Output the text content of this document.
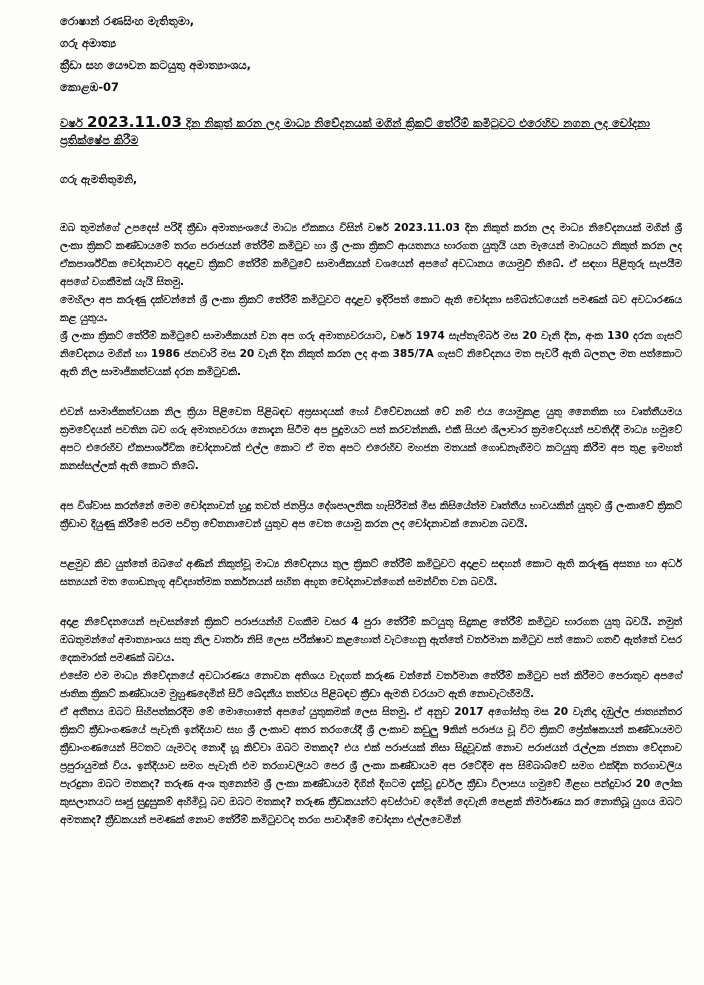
රොෂාන් රණසිංහ මැතිතුමා,
ගරු අමාත්‍ය
ක්‍රීඩා සහ යෞවන කටයුතු අමාත්‍යාංශය,
කොළඹ-07
වර්ෂ 2023.11.03 දින නිකුත් කරන ලද මාධ්‍ය නිවේදනයක් මගින් ක්‍රිකට් තේරීම් කමිටුවට එරෙහිව නගන ලද චෝදනා ප්‍රතික්ෂේප කිරීම
ගරු ඇමතිතුමනි,

ඔබ තුමන්ගේ උපදෙස් පරිදි ක්‍රීඩා අමාත්‍යංශයේ මාධ්‍ය ඒකකය විසින් වර්ෂ 2023.11.03 දින නිකුත් කරන ලද මාධ්‍ය නිවේදනයක් මගින් ශ්‍රී ලංකා ක්‍රිකට් කණ්ඩායමේ තරග පරාජයන් තේරීම් කමිටුව හා ශ්‍රී ලංකා ක්‍රිකට් ආයතනය භාරගත යුතුයි යන මැයෙන් මාධ්‍යයට නිකුත් කරන ලද ඒකපාර්ශ්වික චෝදනාවට අදාළව ක්‍රිකට් තේරීම් කමිටුවේ සාමාජිකයන් වශයෙන් අපගේ අවධානය යොමුවී තිබේ. ඒ සඳහා පිළිතුරු සැපයීම අපගේ වගකීමක් යැයි සිතමු.

මෙහිලා අප කරුණු දක්වන්නේ ශ්‍රී ලංකා ක්‍රිකට් තේරීම් කමිටුවට අදාළව ඉදිරිපත් කොට ඇති චෝදනා සම්බන්ධයෙන් පමණක් බව අවධාරණය කළ යුතුය.

ශ්‍රී ලංකා ක්‍රිකට් තේරීම් කමිටුවේ සාමාජිකයන් වන අප ගරු අමාත්‍යවරයාට, වර්ෂ 1974 සැප්තැම්බර් මස 20 වැනි දින, අංක 130 දරන ගැසට් නිවේදනය මගින් හා 1986 ජනවාරි මස 20 වැනි දින නිකුත් කරන ලද අංක 385/7A ගැසට් නිවේදනය මත පැවරී ඇති බලතල මත පත්කොට ඇති නිල සාමාජිකත්වයක් දරන කමිටුවකි.

එවන් සාමාජිකත්වයක නිල ක්‍රියා පිළිවෙත පිළිබඳව අප්‍රසාදයක් හෝ විවේචනයක් වේ නම් එය යොමුකළ යුතු නෛතික හා වෘත්තීයමය ක්‍රමවේදයන් පවතින බව ගරු අමාත්‍යවරයා නොදැන සිටීම අප පුදුමයට පත් කරවන්නකි. එකී සියළු ශිලාචාර ක්‍රමවේදයන් පවතිද්දී මාධ්‍ය හමුවේ අපට එරෙහිව ඒකපාර්ශ්වික චෝදනාවක් එල්ල කොට ඒ මත අපට එරෙහිව මහජන මතයක් ගොඩනැගීමට කටයුතු කිරීම අප තුළ ඉමහත් කනස්සල්ලක් ඇති කොට තිබේ.

අප විශ්වාස කරන්නේ මෙම චෝදනාවන් හුදු තවත් ජනප්‍රිය දේශපාලනික හැසිරීමක් මිස කිසියේත්ම වෘත්තීය භාවයකින් යුතුව ශ්‍රී ලංකාවේ ක්‍රිකට් ක්‍රීඩාව දියුණු කිරීමේ පරම පවිත්‍ර චේතනාවෙන් යුතුව අප වෙත යොමු කරන ලද චෝදනාවක් නොවන බවයි.

පළමුව කිව යුත්තේ ඔබගේ අණින් නිකුත්වූ මාධ්‍ය නිවේදනය තුල ක්‍රිකට් තේරීම් කමිටුවට අදාළව සඳහන් කොට ඇති කරුණු අසත්‍ය හා අර්ධ සත්‍යයන් මත ගොඩනැගූ අවිද්‍යාත්මක තර්කනයන් සහිත අභූත චෝදනාවන්ගෙන් සමන්විත වන බවයි.

අදාළ නිවේදනයෙන් පැවසන්නේ ක්‍රිකට් පරාජයන්හි වගකීම වසර 4 පුරා තේරීම් කටයුතු සිදුකළ තේරීම් කමිටුව භාරගත යුතු බවයි. නමුත් ඔබතුමන්ගේ අමාත්‍යාංශය සතු නිල වාර්තා නිසි ලෙස පරීක්ෂාව කළහොත් වැටහෙනු ඇත්තේ වර්තමාන කමිටුව පත් කොට ගතවී ඇත්තේ වසර දෙකමාරක් පමණක් බවය.

එසේම එම මාධ්‍ය නිවේදනයේ අවධාරණය නොවන අතිශය වැදගත් කරුණ වන්නේ වර්තමාන තේරීම් කමිටුව පත් කිරීමට පෙරාතුව අපගේ ජාතික ක්‍රිකට් කණ්ඩායම මුහුණදෙමින් සිටි ඛේදනීය තත්වය පිළිබඳව ක්‍රීඩා ඇමති වරයාට ඇති නොවැටහීමයි.

ඒ අතීතය ඔබට සිහිපත්කරදීම මේ මොහොතේ අපගේ යුතුකමක් ලෙස සිතමු. ඒ අනුව 2017 අගෝස්තු මස 20 වැනිදා දඹුල්ල ජාත්‍යන්තර ක්‍රිකට් ක්‍රීඩාංගණයේ පැවැති ඉන්දියාව සහ ශ්‍රී ලංකාව අතර තරගයේදී ශ්‍රී ලංකාව කඩුලු 9කින් පරාජය වූ විට ක්‍රිකට් ප්‍රේක්ෂකයන් කණ්ඩායමට ක්‍රීඩාංගණයෙන් පිටතට යැමටද නොදී හූ කිව්වා ඔබට මතකද? එය එක් පරාජයක් නිසා සිදුවූවක් නොව පරාජයන් රැල්ලක ජනතා වේදනාව ප්‍රපුරායුමක් විය. ඉන්දියාව සමග පැවැති එම තරගාවලියට පෙර ශ්‍රී ලංකා කණ්ඩායම අප රටේදීම අප සිම්බාබ්වේ සමග එක්දින තරගාවලිය පැරදුනා ඔබට මතකද? තරුණ අංශ තුනෙන්ම ශ්‍රී ලංකා කණ්ඩායම දිගින් දිගටම දැක්වූ දුර්වල ක්‍රීඩා විලාසය හමුවේ මීළඟ පන්දුවාර 20 ලෝක කුසලානයට සෘජු සුදුසුකම් අහිමිවූ බව ඔබට මතකද? තරුණ ක්‍රීඩකයන්ට අවස්ථාව දෙමින් දෙවැනි පෙළක් නිර්මාණය කර නොතිබූ යුගය ඔබට අමතකද? ක්‍රීඩකයන් පමණක් නොව තේරීම් කමිටුවටද තරග පාවාදීමේ චෝදනා එල්ලවෙමින්
